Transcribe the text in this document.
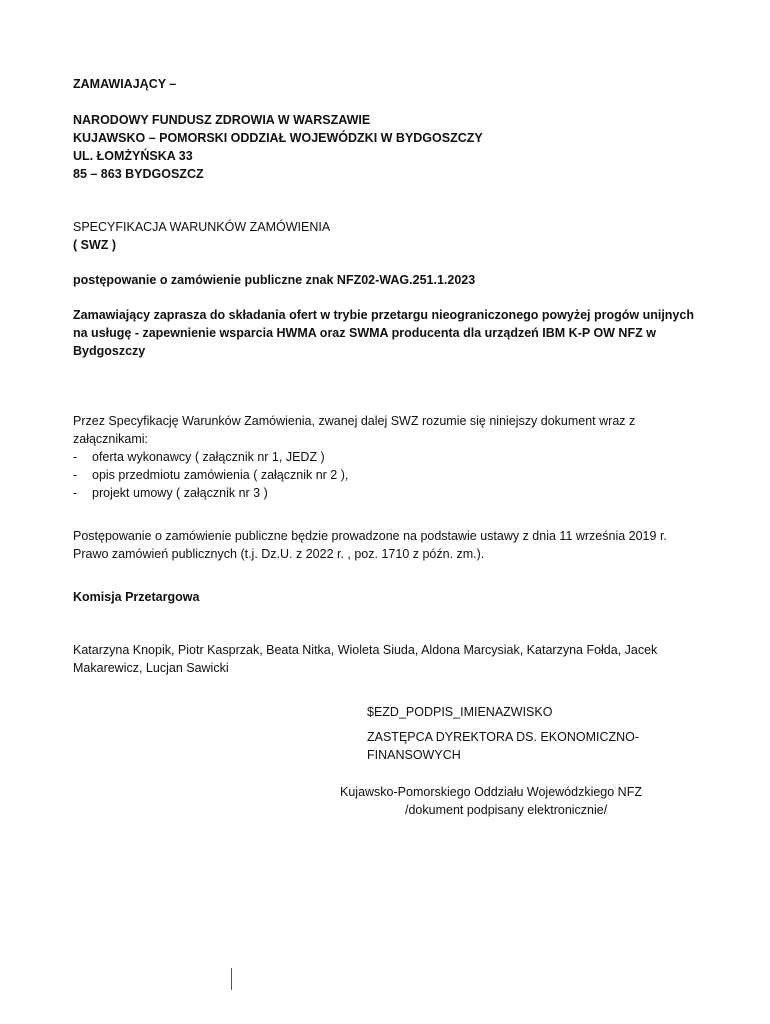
ZAMAWIAJĄCY –
NARODOWY FUNDUSZ ZDROWIA W WARSZAWIE
KUJAWSKO – POMORSKI ODDZIAŁ WOJEWÓDZKI W BYDGOSZCZY
UL. ŁOMŻYŃSKA 33
85 – 863 BYDGOSZCZ
SPECYFIKACJA WARUNKÓW ZAMÓWIENIA
( SWZ )
postępowanie o zamówienie publiczne znak NFZ02-WAG.251.1.2023
Zamawiający zaprasza do składania ofert w trybie przetargu nieograniczonego powyżej progów unijnych
na usługę - zapewnienie wsparcia HWMA oraz SWMA producenta dla urządzeń IBM K-P OW NFZ w Bydgoszczy
Przez Specyfikację Warunków Zamówienia, zwanej dalej SWZ rozumie się niniejszy dokument wraz z załącznikami:
-	oferta wykonawcy ( załącznik nr 1, JEDZ )
-	opis przedmiotu zamówienia ( załącznik nr 2 ),
-	projekt umowy ( załącznik nr 3 )
Postępowanie o zamówienie publiczne będzie prowadzone na podstawie ustawy z dnia 11 września 2019 r. Prawo zamówień publicznych (t.j. Dz.U. z 2022 r. , poz. 1710 z późn. zm.).
Komisja Przetargowa
Katarzyna Knopik, Piotr Kasprzak, Beata Nitka, Wioleta Siuda, Aldona Marcysiak, Katarzyna Fołda, Jacek Makarewicz, Lucjan Sawicki
$EZD_PODPIS_IMIENAZWISKO
ZASTĘPCA DYREKTORA DS. EKONOMICZNO-
FINANSOWYCH
Kujawsko-Pomorskiego Oddziału Wojewódzkiego NFZ
/dokument podpisany elektronicznie/
